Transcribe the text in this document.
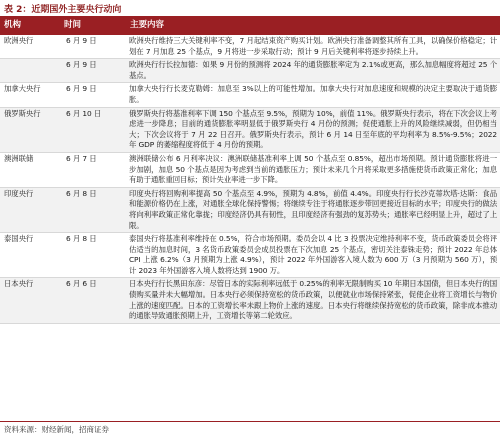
表 2：近期国外主要央行动向
机构	时间	主要内容
欧洲央行	6 月 9 日	欧洲央行维持三大关键利率不变，7 月起结束资产购买计划。欧洲央行准备调整其所有工具，以确保价格稳定；计划在 7 月加息 25 个基点，9 月将进一步采取行动；预计 9 月后关键利率将逐步持续上升。
	6 月 9 日	欧洲央行行长拉加德：如果 9 月份的预测将 2024 年的通货膨胀率定为 2.1%或更高，那么加息幅度将超过 25 个基点。
加拿大央行	6 月 9 日	加拿大央行行长麦克勒姆：加息至 3%以上的可能性增加。加拿大央行对加息速度和规模的决定主要取决于通货膨胀。
俄罗斯央行	6 月 10 日	俄罗斯央行将基准利率下调 150 个基点至 9.5%，预期为 10%，前值 11%。俄罗斯央行表示，将在下次会议上考虑进一步降息；目前的通货膨胀率明显低于俄罗斯央行 4 月份的预测；促使通胀上升的风险继续减弱，但仍相当大；下次会议将于 7 月 22 日召开。俄罗斯央行表示，预计 6 月 14 日至年底的平均利率为 8.5%-9.5%；2022 年 GDP 的萎缩程度将低于 4 月份的预期。
澳洲联储	6 月 7 日	澳洲联储公布 6 月利率决议：澳洲联储基准利率上调 50 个基点至 0.85%，超出市场预期。预计通货膨胀将进一步加剧，加息 50 个基点是因为考虑到当前的通胀压力；预计未来几个月将采取更多措施使货币政策正常化；加息有助于通胀重回目标；预计失业率进一步下降。
印度央行	6 月 8 日	印度央行将回购利率提高 50 个基点至 4.9%，预期为 4.8%，前值 4.4%。印度央行行长沙克蒂坎塔·达斯：食品和能源价格仍在上涨，对通胀全球化保持警惕；将继续专注于将通胀逐步带回更接近目标的水平；印度央行的做法将向利率政策正常化靠拢；印度经济仍具有韧性，且印度经济有强劲的复苏势头；通胀率已经明显上升，超过了上限。
泰国央行	6 月 8 日	泰国央行将基准利率维持在 0.5%，符合市场预期。委员会以 4 比 3 投票决定维持利率不变，货币政策委员会将评估适当的加息时间，3 名货币政策委员会成员投票在下次加息 25 个基点，密切关注泰铢走势；预计 2022 年总体 CPI 上涨 6.2%（3 月预期为上涨 4.9%），预计 2022 年外国游客入境人数为 600 万（3 月预期为 560 万），预计 2023 年外国游客入境人数将达到 1900 万。
日本央行	6 月 6 日	日本央行行长黑田东彦：尽管日本的实际利率远低于 0.25%的利率无限制购买 10 年期日本国债，但日本央行的国债购买量并未大幅增加。日本央行必须保持宽松的货币政策，以便就业市场保持紧张，促使企业将工资增长与物价上涨的速度匹配。日本的工资增长率未跟上物价上涨的速度。日本央行将继续保持宽松的货币政策，除非成本推动的通胀导致通胀预期上升，工资增长等第二轮效应。
资料来源：财经新闻，招商证券
